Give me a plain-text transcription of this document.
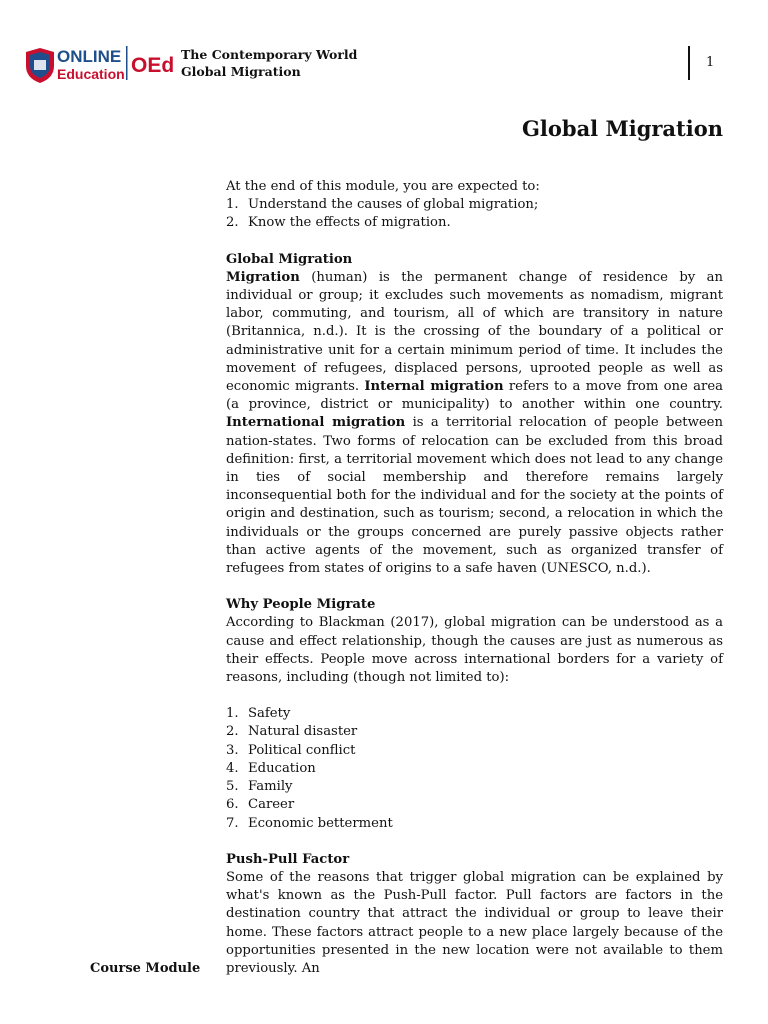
ONLINE
Education OEd The Contemporary World
Global Migration
1
Global Migration

At the end of this module, you are expected to:

1. Understand the causes of global migration;
2. Know the effects of migration.

Global Migration

Migration (human) is the permanent change of residence by an individual or group; it excludes such movements as nomadism, migrant labor, commuting, and tourism, all of which are transitory in nature (Britannica, n.d.). It is the crossing of the boundary of a political or administrative unit for a certain minimum period of time. It includes the movement of refugees, displaced persons, uprooted people as well as economic migrants. Internal migration refers to a move from one area (a province, district or municipality) to another within one country. International migration is a territorial relocation of people between nation-states. Two forms of relocation can be excluded from this broad definition: first, a territorial movement which does not lead to any change in ties of social membership and therefore remains largely inconsequential both for the individual and for the society at the points of origin and destination, such as tourism; second, a relocation in which the individuals or the groups concerned are purely passive objects rather than active agents of the movement, such as organized transfer of refugees from states of origins to a safe haven (UNESCO, n.d.).

Why People Migrate

According to Blackman (2017), global migration can be understood as a cause and effect relationship, though the causes are just as numerous as their effects. People move across international borders for a variety of reasons, including (though not limited to):

1. Safety
2. Natural disaster
3. Political conflict
4. Education
5. Family
6. Career
7. Economic betterment

Push-Pull Factor

Some of the reasons that trigger global migration can be explained by what's known as the Push-Pull factor. Pull factors are factors in the destination country that attract the individual or group to leave their home. These factors attract people to a new place largely because of the opportunities presented in the new location were not available to them previously. An

Course Module
